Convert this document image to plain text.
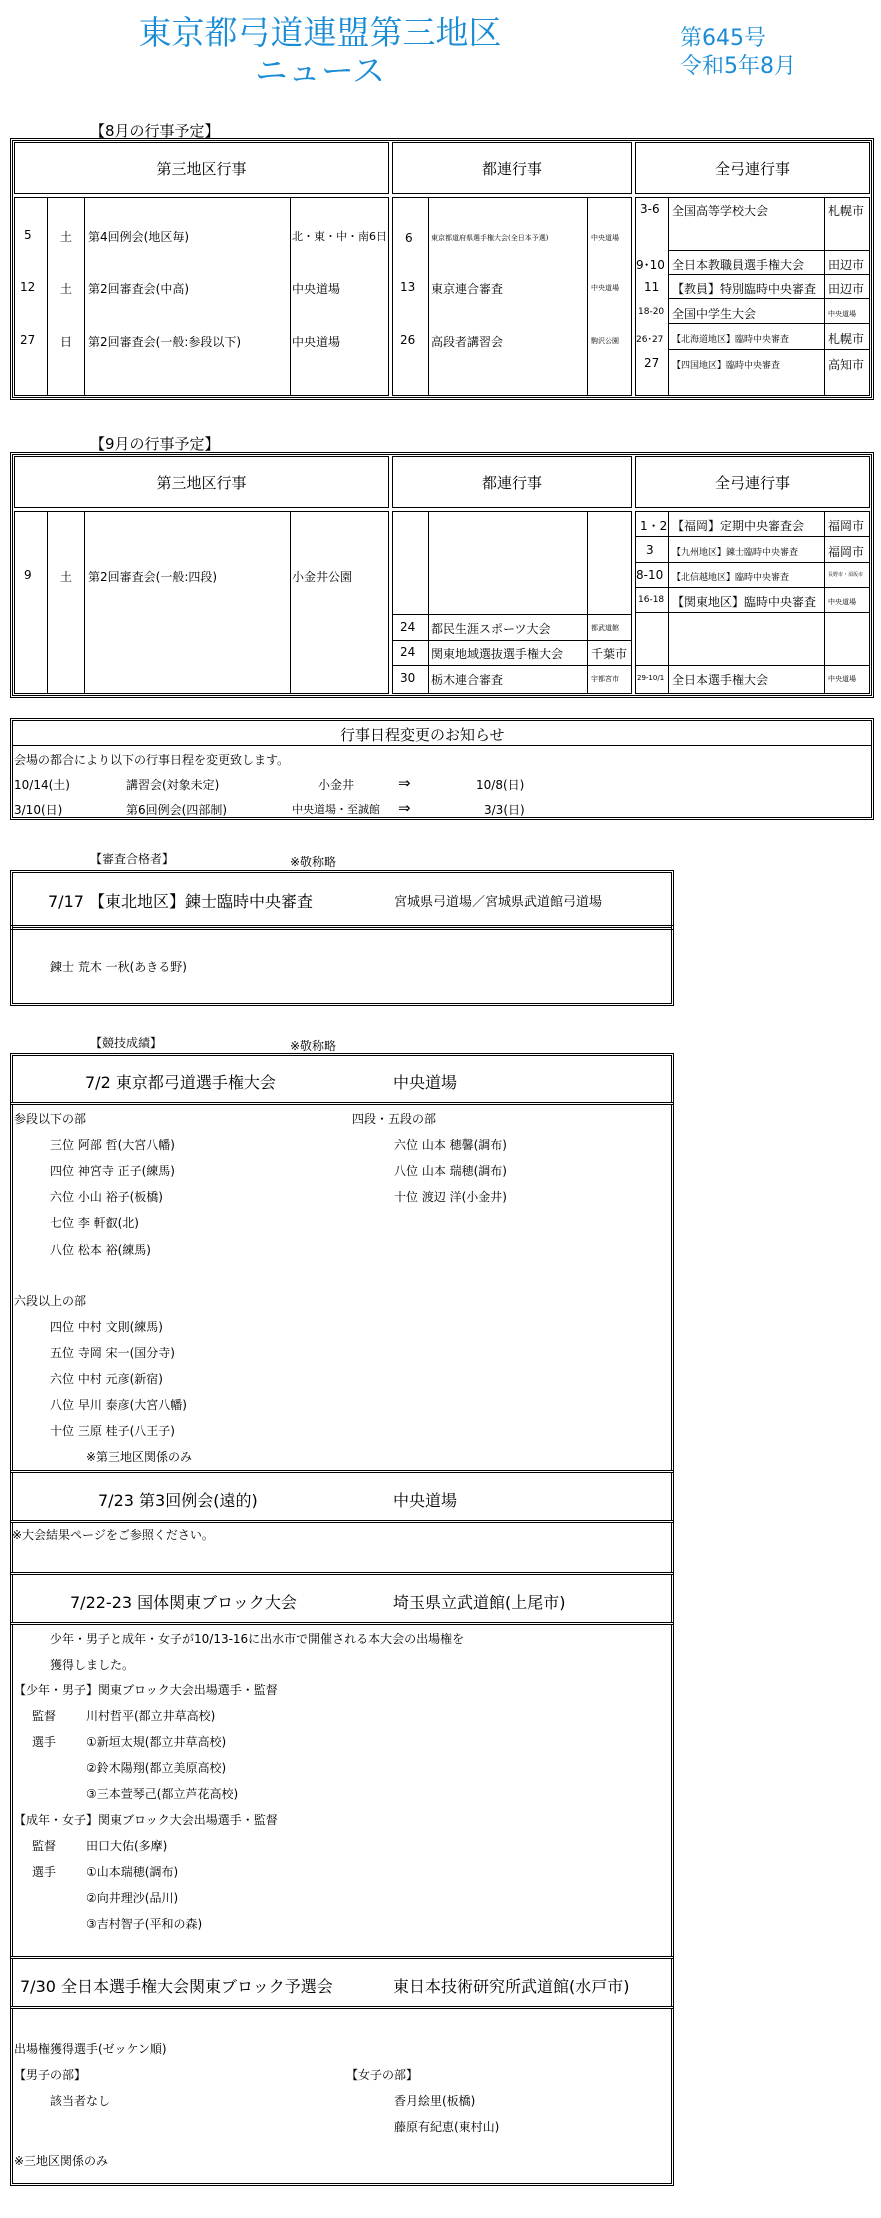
東京都弓道連盟第三地区
ニュース
第645号
令和5年8月
【8月の行事予定】
第三地区行事	都連行事	全弓連行事
5 土 第4回例会(地区毎)	北・東・中・南6日
12 土 第2回審査会(中高)	中央道場
27 日 第2回審査会(一般:参段以下)	中央道場
6	東京都道府県選手権大会(全日本予選)	中央道場
13 東京連合審査	中央道場
26 高段者講習会	駒沢公園
3-6 全国高等学校大会	札幌市
9･10 全日本教職員選手権大会 田辺市
11 【教員】特別臨時中央審査 田辺市
18-20 全国中学生大会	中央道場
26･27 【北海道地区】臨時中央審査	札幌市
27 【四国地区】臨時中央審査	高知市
【9月の行事予定】
第三地区行事	都連行事	全弓連行事
9 土 第2回審査会(一般:四段)	小金井公園
24 都民生涯スポーツ大会	都武道館
24 関東地域選抜選手権大会 千葉市
30 栃木連合審査	宇都宮市
1・2 【福岡】定期中央審査会 福岡市
3 【九州地区】錬士臨時中央審査 福岡市
8-10 【北信越地区】臨時中央審査	長野市・須坂市
16-18 【関東地区】臨時中央審査 中央道場
29-10/1 全日本選手権大会	中央道場
行事日程変更のお知らせ
会場の都合により以下の行事日程を変更致します。
10/14(土)	講習会(対象未定)	小金井	⇒	10/8(日)
3/10(日)	第6回例会(四部制)	中央道場・至誠館 ⇒	3/3(日)
【審査合格者】	※敬称略
7/17 【東北地区】錬士臨時中央審査	宮城県弓道場／宮城県武道館弓道場
錬士 荒木 一秋(あきる野)
【競技成績】	※敬称略
7/2 東京都弓道選手権大会	中央道場
参段以下の部
三位 阿部 哲(大宮八幡)
四位 神宮寺 正子(練馬)
六位 小山 裕子(板橋)
七位 李 軒叡(北)
八位 松本 裕(練馬)
四段・五段の部
六位 山本 穂馨(調布)
八位 山本 瑞穂(調布)
十位 渡辺 洋(小金井)
六段以上の部
四位 中村 文則(練馬)
五位 寺岡 宋一(国分寺)
六位 中村 元彦(新宿)
八位 早川 泰彦(大宮八幡)
十位 三原 桂子(八王子)
※第三地区関係のみ
7/23 第3回例会(遠的)	中央道場
※大会結果ページをご参照ください。
7/22-23 国体関東ブロック大会	埼玉県立武道館(上尾市)
少年・男子と成年・女子が10/13-16に出水市で開催される本大会の出場権を
獲得しました。
【少年・男子】関東ブロック大会出場選手・監督
監督 川村哲平(都立井草高校)
選手 ①新垣太規(都立井草高校)
②鈴木陽翔(都立美原高校)
③三本萱琴己(都立芦花高校)
【成年・女子】関東ブロック大会出場選手・監督
監督 田口大佑(多摩)
選手 ①山本瑞穂(調布)
②向井理沙(品川)
③吉村智子(平和の森)
7/30 全日本選手権大会関東ブロック予選会	東日本技術研究所武道館(水戸市)
出場権獲得選手(ゼッケン順)
【男子の部】
該当者なし
【女子の部】
香月絵里(板橋)
藤原有紀恵(東村山)
※三地区関係のみ
